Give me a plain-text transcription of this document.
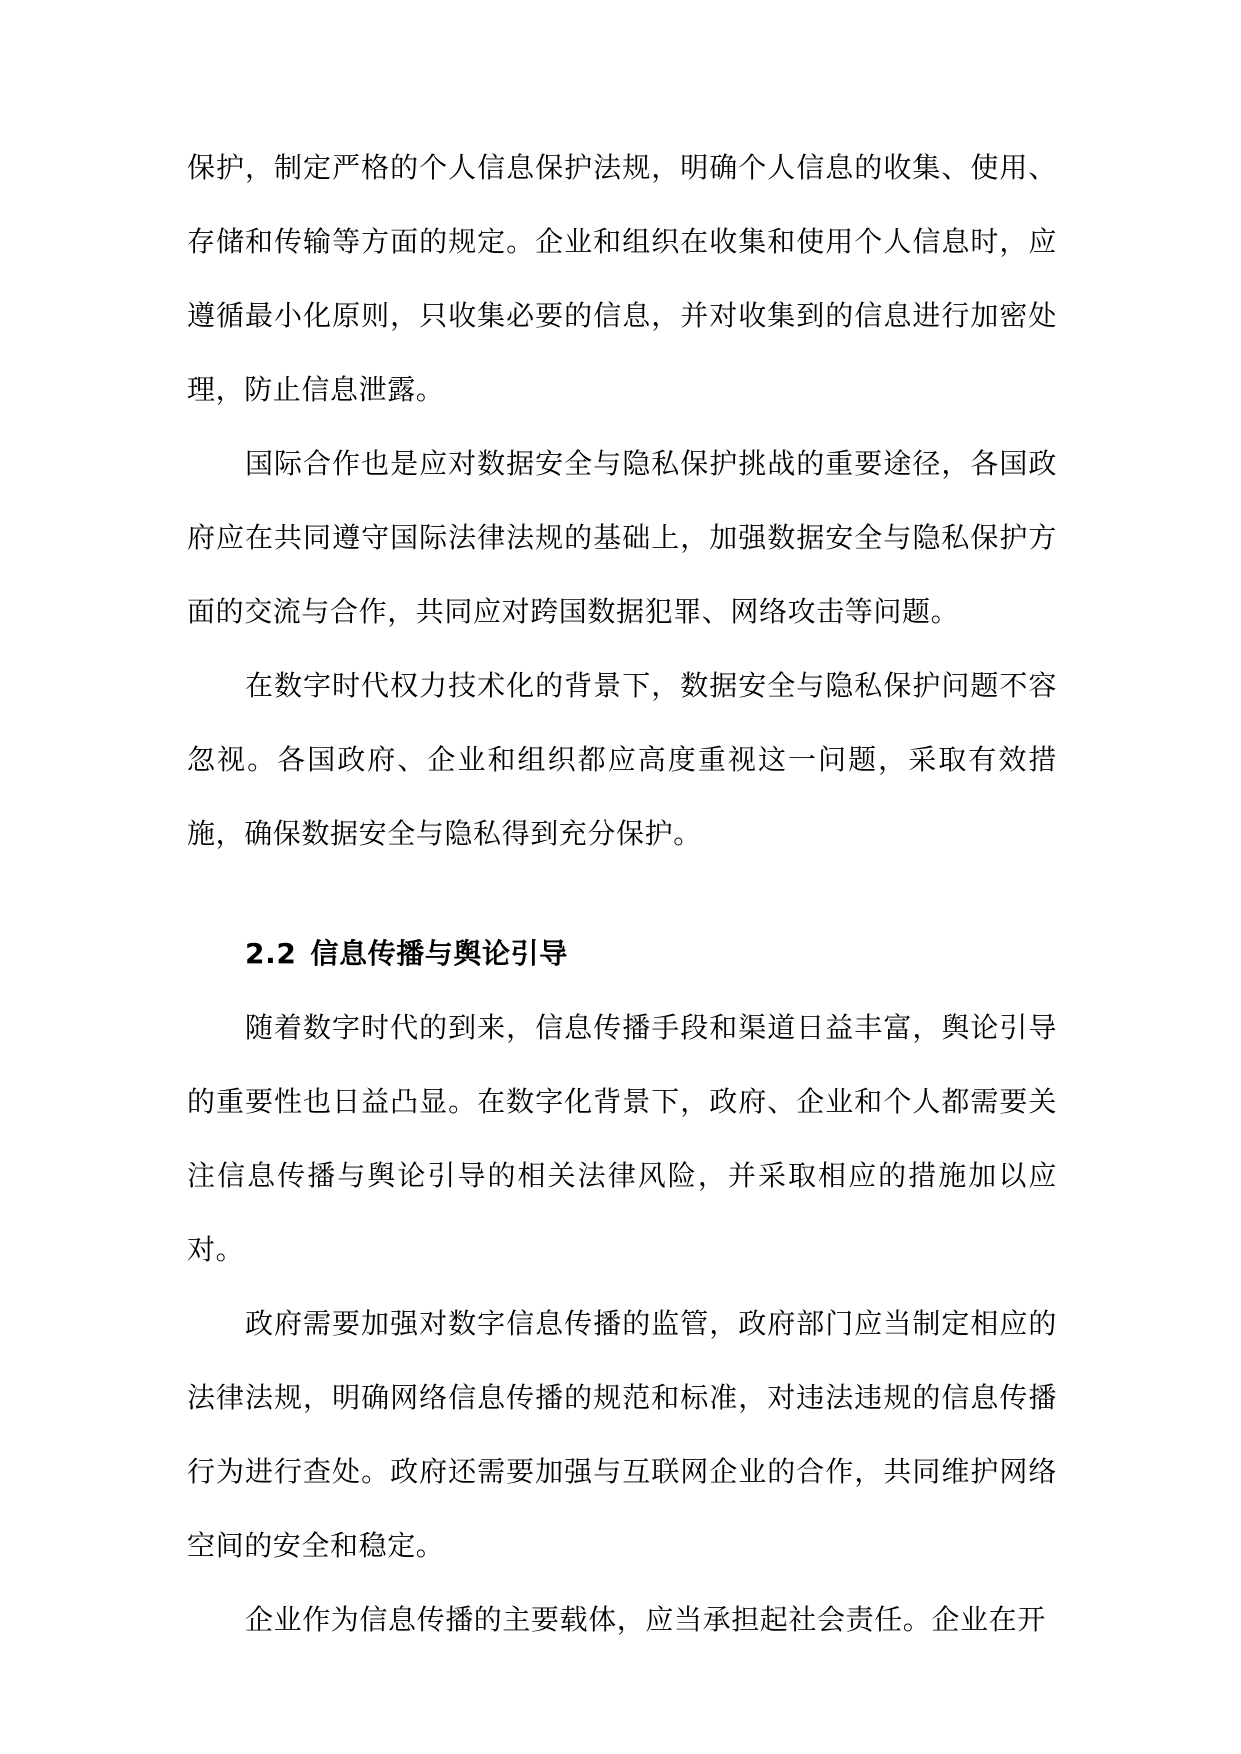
保护，制定严格的个人信息保护法规，明确个人信息的收集、使用、存储和传输等方面的规定。企业和组织在收集和使用个人信息时，应遵循最小化原则，只收集必要的信息，并对收集到的信息进行加密处理，防止信息泄露。

国际合作也是应对数据安全与隐私保护挑战的重要途径，各国政府应在共同遵守国际法律法规的基础上，加强数据安全与隐私保护方面的交流与合作，共同应对跨国数据犯罪、网络攻击等问题。

在数字时代权力技术化的背景下，数据安全与隐私保护问题不容忽视。各国政府、企业和组织都应高度重视这一问题，采取有效措施，确保数据安全与隐私得到充分保护。

2.2 信息传播与舆论引导

随着数字时代的到来，信息传播手段和渠道日益丰富，舆论引导的重要性也日益凸显。在数字化背景下，政府、企业和个人都需要关注信息传播与舆论引导的相关法律风险，并采取相应的措施加以应对。

政府需要加强对数字信息传播的监管，政府部门应当制定相应的法律法规，明确网络信息传播的规范和标准，对违法违规的信息传播行为进行查处。政府还需要加强与互联网企业的合作，共同维护网络空间的安全和稳定。

企业作为信息传播的主要载体，应当承担起社会责任。企业在开
